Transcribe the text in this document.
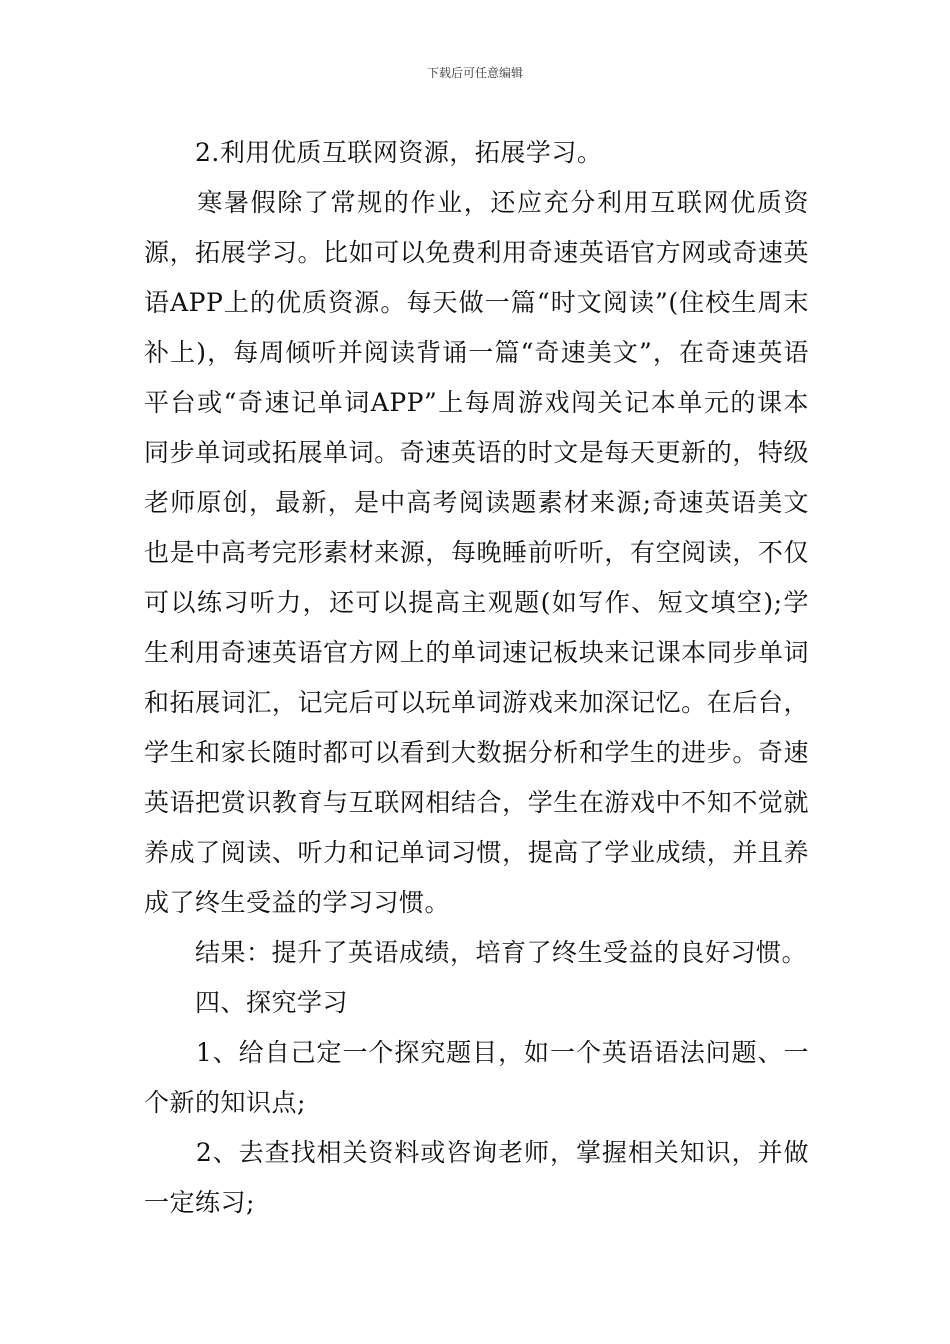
下载后可任意编辑

　　2.利用优质互联网资源，拓展学习。

　　寒暑假除了常规的作业，还应充分利用互联网优质资源，拓展学习。比如可以免费利用奇速英语官方网或奇速英语APP上的优质资源。每天做一篇“时文阅读”(住校生周末补上)，每周倾听并阅读背诵一篇“奇速美文”，在奇速英语平台或“奇速记单词APP”上每周游戏闯关记本单元的课本同步单词或拓展单词。奇速英语的时文是每天更新的，特级老师原创，最新，是中高考阅读题素材来源;奇速英语美文也是中高考完形素材来源，每晚睡前听听，有空阅读，不仅可以练习听力，还可以提高主观题(如写作、短文填空);学生利用奇速英语官方网上的单词速记板块来记课本同步单词和拓展词汇，记完后可以玩单词游戏来加深记忆。在后台，学生和家长随时都可以看到大数据分析和学生的进步。奇速英语把赏识教育与互联网相结合，学生在游戏中不知不觉就养成了阅读、听力和记单词习惯，提高了学业成绩，并且养成了终生受益的学习习惯。

　　结果：提升了英语成绩，培育了终生受益的良好习惯。

　　四、探究学习

　　1、给自己定一个探究题目，如一个英语语法问题、一个新的知识点;

　　2、去查找相关资料或咨询老师，掌握相关知识，并做一定练习;
